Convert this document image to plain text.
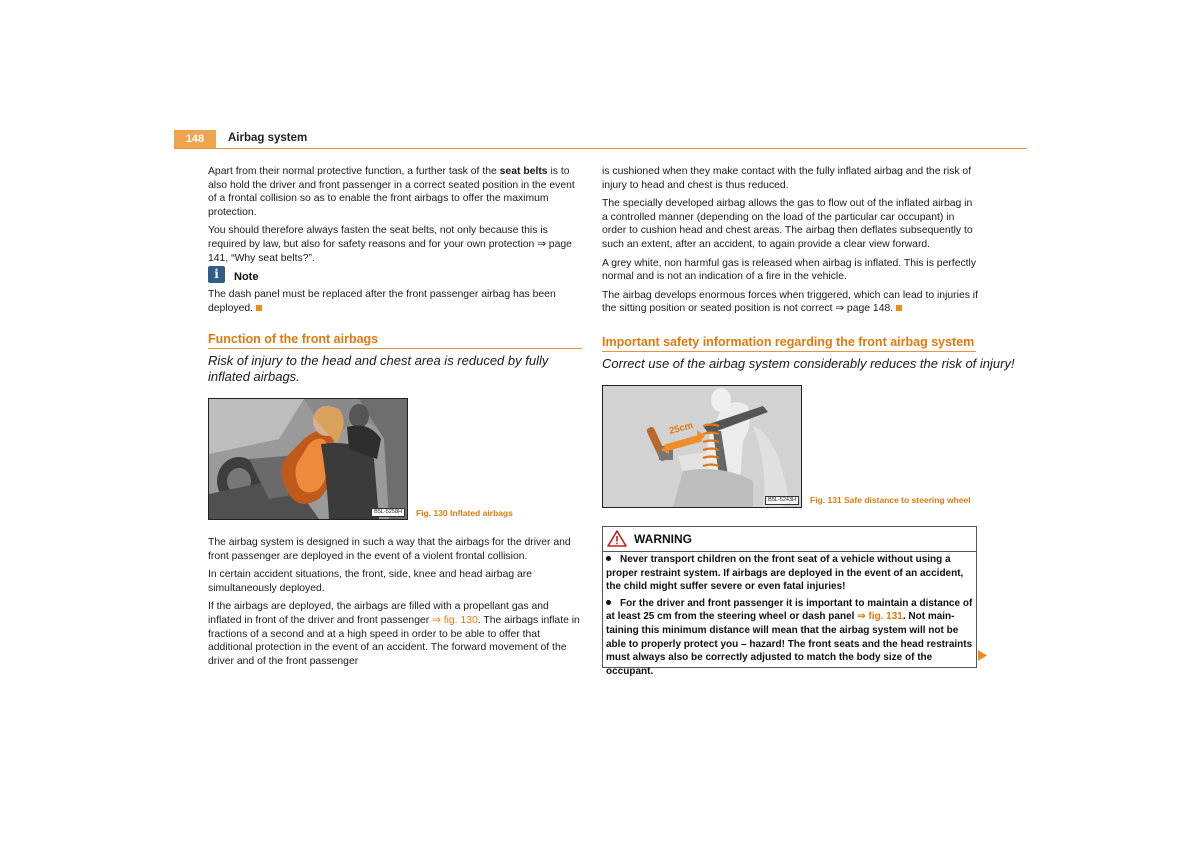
148	Airbag system

Apart from their normal protective function, a further task of the seat belts is to also hold the driver and front passenger in a correct seated position in the event of a frontal collision so as to enable the front airbags to offer the maximum protection.

You should therefore always fasten the seat belts, not only because this is required by law, but also for safety reasons and for your own protection ⇒ page 141, “Why seat belts?”.

i	Note
The dash panel must be replaced after the front passenger airbag has been deployed.
Function of the front airbags
Risk of injury to the head and chest area is reduced by fully inflated airbags.
B5L-5258H	Fig. 130 Inflated airbags

The airbag system is designed in such a way that the airbags for the driver and front passenger are deployed in the event of a violent frontal collision.

In certain accident situations, the front, side, knee and head airbag are simultaneously deployed.

If the airbags are deployed, the airbags are filled with a propellant gas and inflated in front of the driver and front passenger ⇒ fig. 130. The airbags inflate in fractions of a second and at a high speed in order to be able to offer that additional protection in the event of an accident. The forward movement of the driver and of the front passenger

is cushioned when they make contact with the fully inflated airbag and the risk of injury to head and chest is thus reduced.

The specially developed airbag allows the gas to flow out of the inflated airbag in a controlled manner (depending on the load of the particular car occupant) in order to cushion head and chest areas. The airbag then deflates subsequently to such an extent, after an accident, to again provide a clear view forward.

A grey white, non harmful gas is released when airbag is inflated. This is perfectly normal and is not an indication of a fire in the vehicle.

The airbag develops enormous forces when triggered, which can lead to injuries if the sitting position or seated position is not correct ⇒ page 148.

Important safety information regarding the front airbag system
Correct use of the airbag system considerably reduces the risk of injury!
25cm
B5L-5243H	Fig. 131 Safe distance to steering wheel
WARNING

Never transport children on the front seat of a vehicle without using a proper restraint system. If airbags are deployed in the event of an accident, the child might suffer severe or even fatal injuries!

For the driver and front passenger it is important to maintain a distance of at least 25 cm from the steering wheel or dash panel ⇒ fig. 131. Not main-taining this minimum distance will mean that the airbag system will not be able to properly protect you – hazard! The front seats and the head restraints must always also be correctly adjusted to match the body size of the occupant.
